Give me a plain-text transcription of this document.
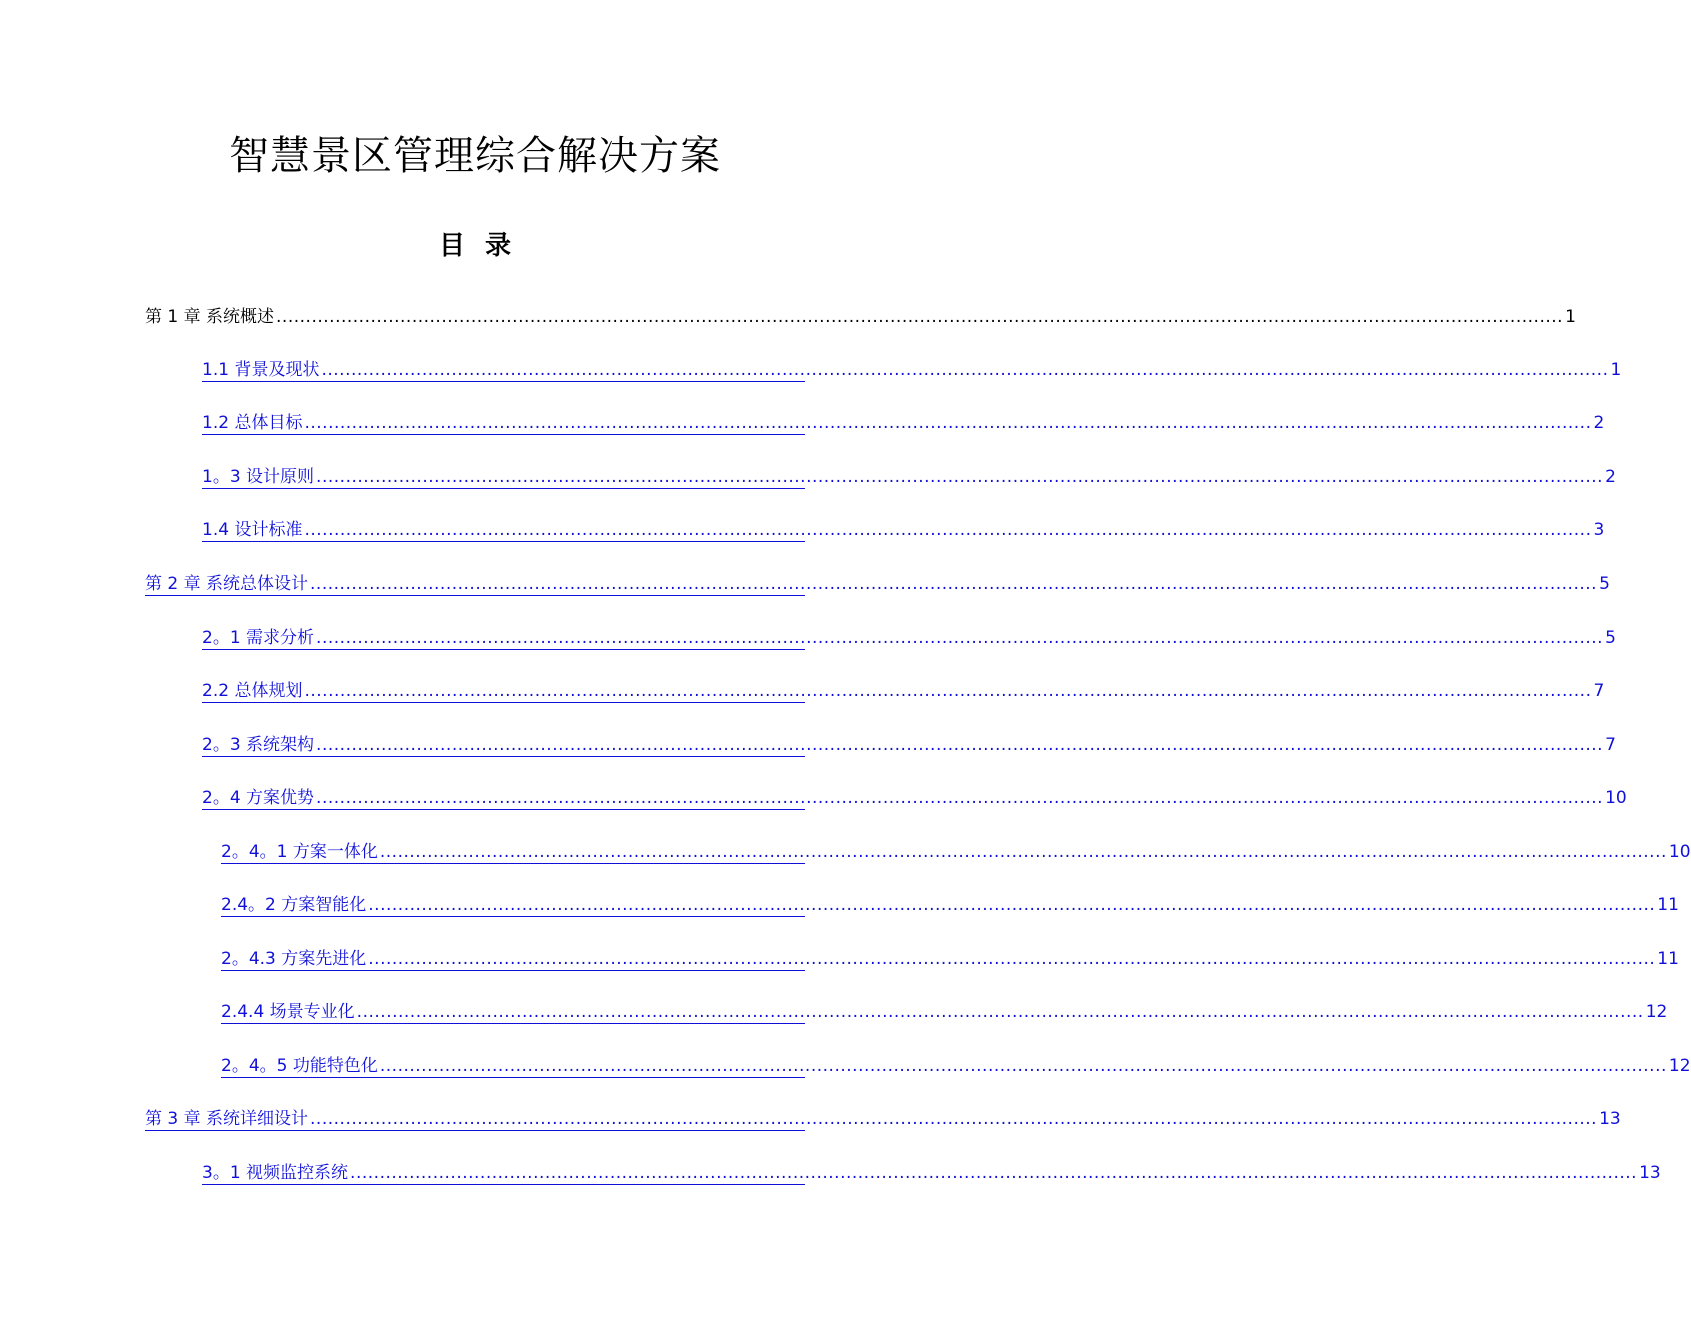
智慧景区管理综合解决方案
目录
第 1 章 系统概述 .......................................................................................................................................................................................................................... 1
1.1 背景及现状 .......................................................................................................................................................................................................................... 1
1.2 总体目标 .......................................................................................................................................................................................................................... 2
1。3 设计原则 .......................................................................................................................................................................................................................... 2
1.4 设计标准 .......................................................................................................................................................................................................................... 3
第 2 章 系统总体设计 .......................................................................................................................................................................................................................... 5
2。1 需求分析 .......................................................................................................................................................................................................................... 5
2.2 总体规划 .......................................................................................................................................................................................................................... 7
2。3 系统架构 .......................................................................................................................................................................................................................... 7
2。4 方案优势 .......................................................................................................................................................................................................................... 10
2。4。1 方案一体化 .......................................................................................................................................................................................................................... 10
2.4。2 方案智能化 .......................................................................................................................................................................................................................... 11
2。4.3 方案先进化 .......................................................................................................................................................................................................................... 11
2.4.4 场景专业化 .......................................................................................................................................................................................................................... 12
2。4。5 功能特色化 .......................................................................................................................................................................................................................... 12
第 3 章 系统详细设计 .......................................................................................................................................................................................................................... 13
3。1 视频监控系统 .......................................................................................................................................................................................................................... 13
